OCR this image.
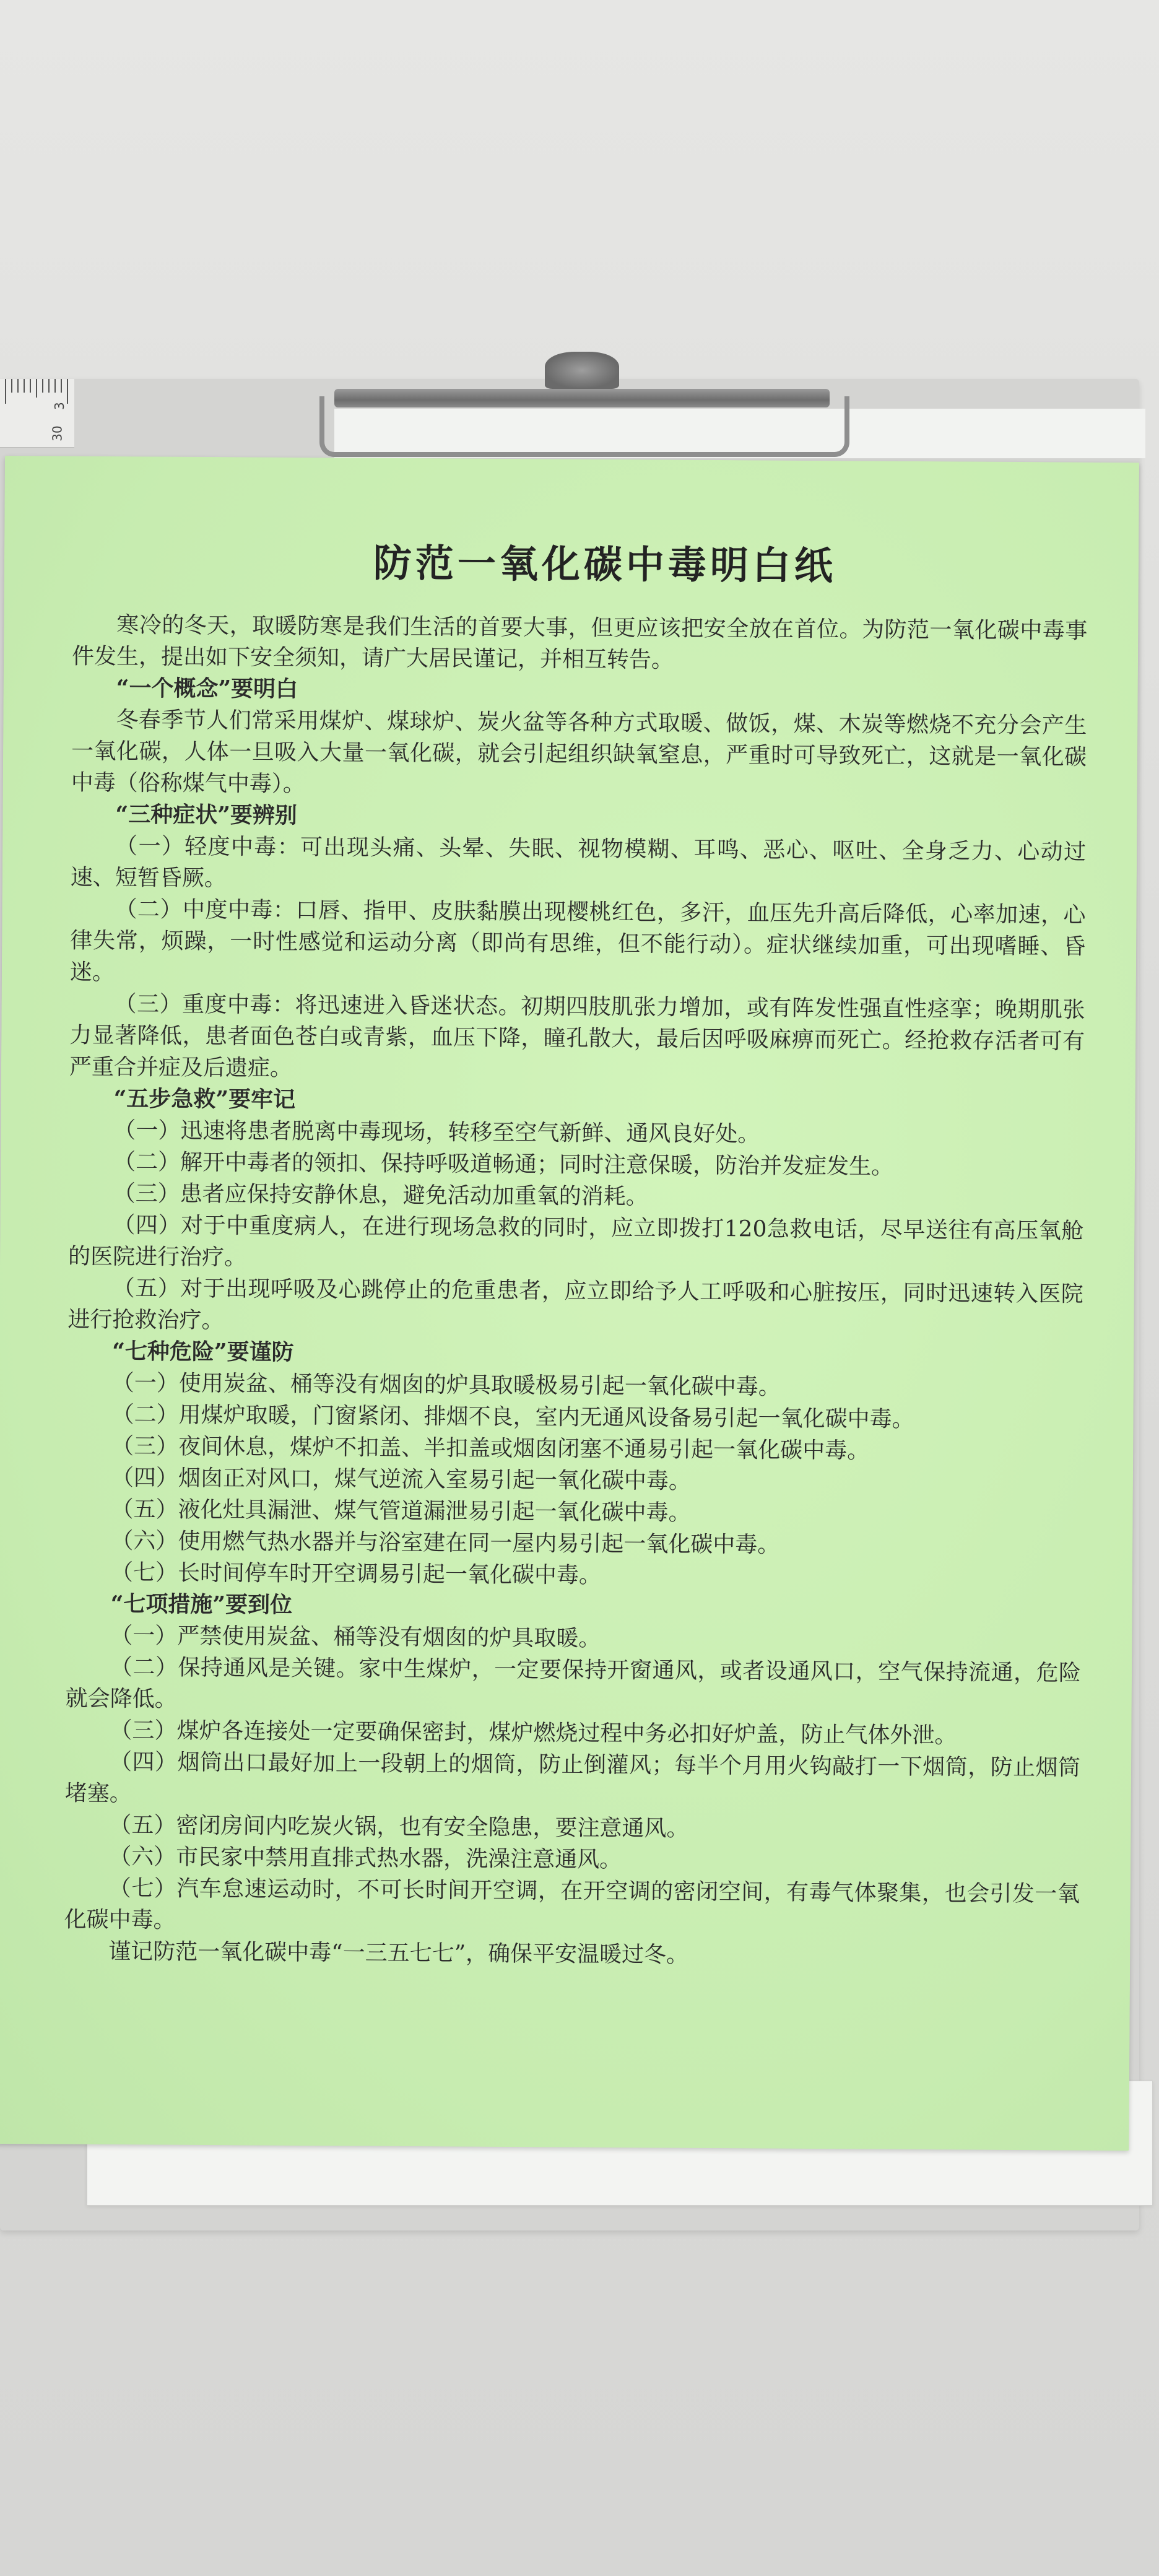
30
3
防范一氧化碳中毒明白纸

寒冷的冬天，取暖防寒是我们生活的首要大事，但更应该把安全放在首位。为防范一氧化碳中毒事件发生，提出如下安全须知，请广大居民谨记，并相互转告。

“一个概念”要明白

冬春季节人们常采用煤炉、煤球炉、炭火盆等各种方式取暖、做饭，煤、木炭等燃烧不充分会产生一氧化碳，人体一旦吸入大量一氧化碳，就会引起组织缺氧窒息，严重时可导致死亡，这就是一氧化碳中毒（俗称煤气中毒）。

“三种症状”要辨别

（一）轻度中毒：可出现头痛、头晕、失眠、视物模糊、耳鸣、恶心、呕吐、全身乏力、心动过速、短暂昏厥。

（二）中度中毒：口唇、指甲、皮肤黏膜出现樱桃红色，多汗，血压先升高后降低，心率加速，心律失常，烦躁，一时性感觉和运动分离（即尚有思维，但不能行动）。症状继续加重，可出现嗜睡、昏迷。

（三）重度中毒：将迅速进入昏迷状态。初期四肢肌张力增加，或有阵发性强直性痉挛；晚期肌张力显著降低，患者面色苍白或青紫，血压下降，瞳孔散大，最后因呼吸麻痹而死亡。经抢救存活者可有严重合并症及后遗症。

“五步急救”要牢记

（一）迅速将患者脱离中毒现场，转移至空气新鲜、通风良好处。

（二）解开中毒者的领扣、保持呼吸道畅通；同时注意保暖，防治并发症发生。

（三）患者应保持安静休息，避免活动加重氧的消耗。

（四）对于中重度病人，在进行现场急救的同时，应立即拨打120急救电话，尽早送往有高压氧舱的医院进行治疗。

（五）对于出现呼吸及心跳停止的危重患者，应立即给予人工呼吸和心脏按压，同时迅速转入医院进行抢救治疗。

“七种危险”要谨防

（一）使用炭盆、桶等没有烟囱的炉具取暖极易引起一氧化碳中毒。

（二）用煤炉取暖，门窗紧闭、排烟不良，室内无通风设备易引起一氧化碳中毒。

（三）夜间休息，煤炉不扣盖、半扣盖或烟囱闭塞不通易引起一氧化碳中毒。

（四）烟囱正对风口，煤气逆流入室易引起一氧化碳中毒。

（五）液化灶具漏泄、煤气管道漏泄易引起一氧化碳中毒。

（六）使用燃气热水器并与浴室建在同一屋内易引起一氧化碳中毒。

（七）长时间停车时开空调易引起一氧化碳中毒。

“七项措施”要到位

（一）严禁使用炭盆、桶等没有烟囱的炉具取暖。

（二）保持通风是关键。家中生煤炉，一定要保持开窗通风，或者设通风口，空气保持流通，危险就会降低。

（三）煤炉各连接处一定要确保密封，煤炉燃烧过程中务必扣好炉盖，防止气体外泄。

（四）烟筒出口最好加上一段朝上的烟筒，防止倒灌风；每半个月用火钩敲打一下烟筒，防止烟筒堵塞。

（五）密闭房间内吃炭火锅，也有安全隐患，要注意通风。

（六）市民家中禁用直排式热水器，洗澡注意通风。

（七）汽车怠速运动时，不可长时间开空调，在开空调的密闭空间，有毒气体聚集，也会引发一氧化碳中毒。

谨记防范一氧化碳中毒“一三五七七”，确保平安温暖过冬。
